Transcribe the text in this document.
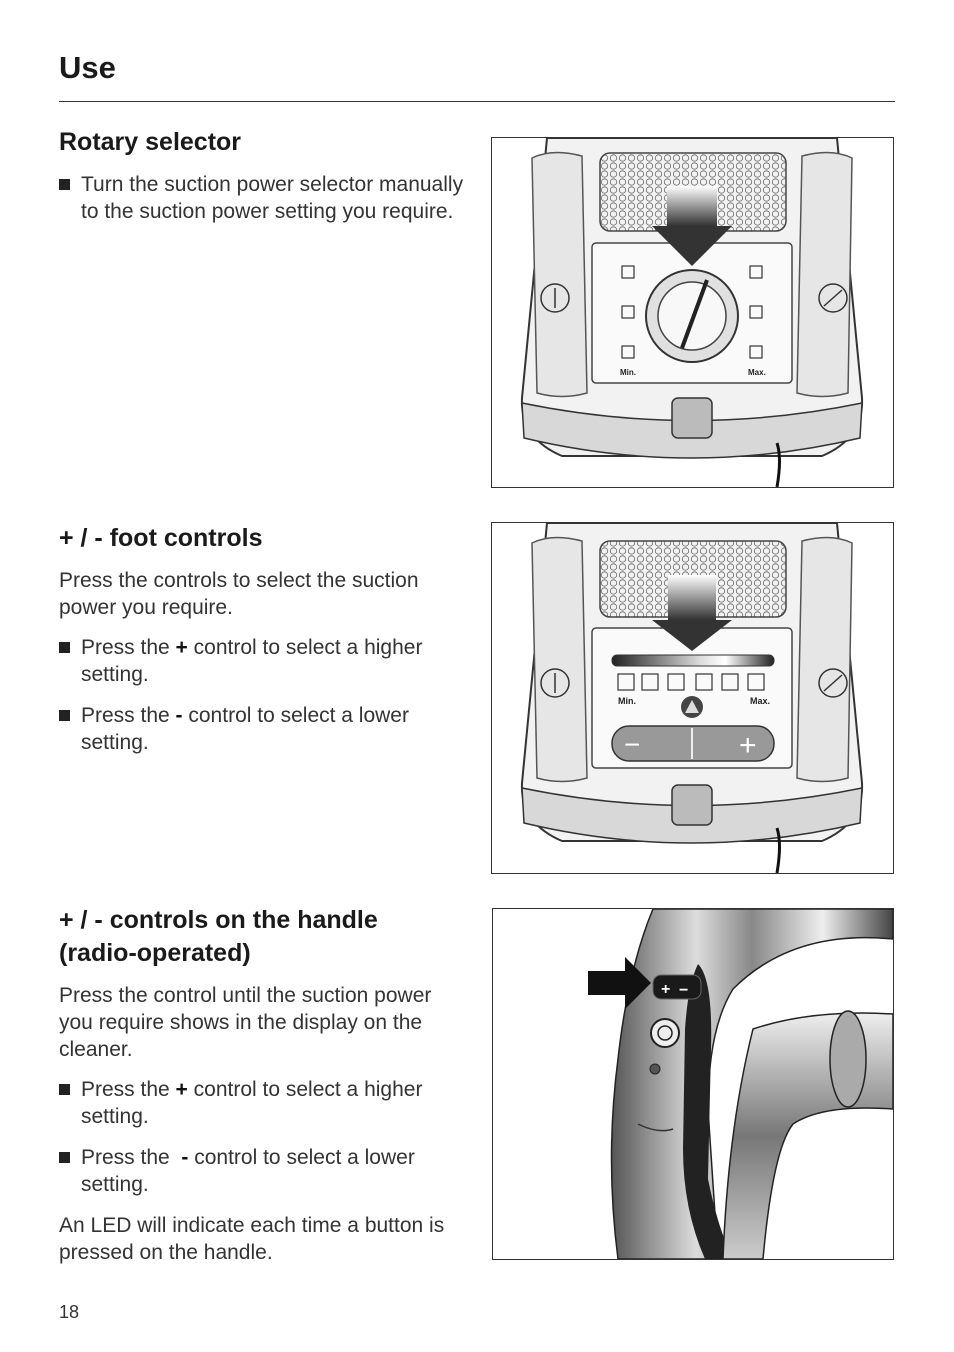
Use
Rotary selector
Turn the suction power selector manually to the suction power setting you require.
+ / - foot controls

Press the controls to select the suction power you require.

Press the + control to select a higher setting.
Press the - control to select a lower setting.
+ / - controls on the handle
(radio-operated)

Press the control until the suction power you require shows in the display on the cleaner.

Press the + control to select a higher setting.
Press the  - control to select a lower setting.

An LED will indicate each time a button is pressed on the handle.

Min.	Max.
Min.	Max.
−	+
+ −
18
